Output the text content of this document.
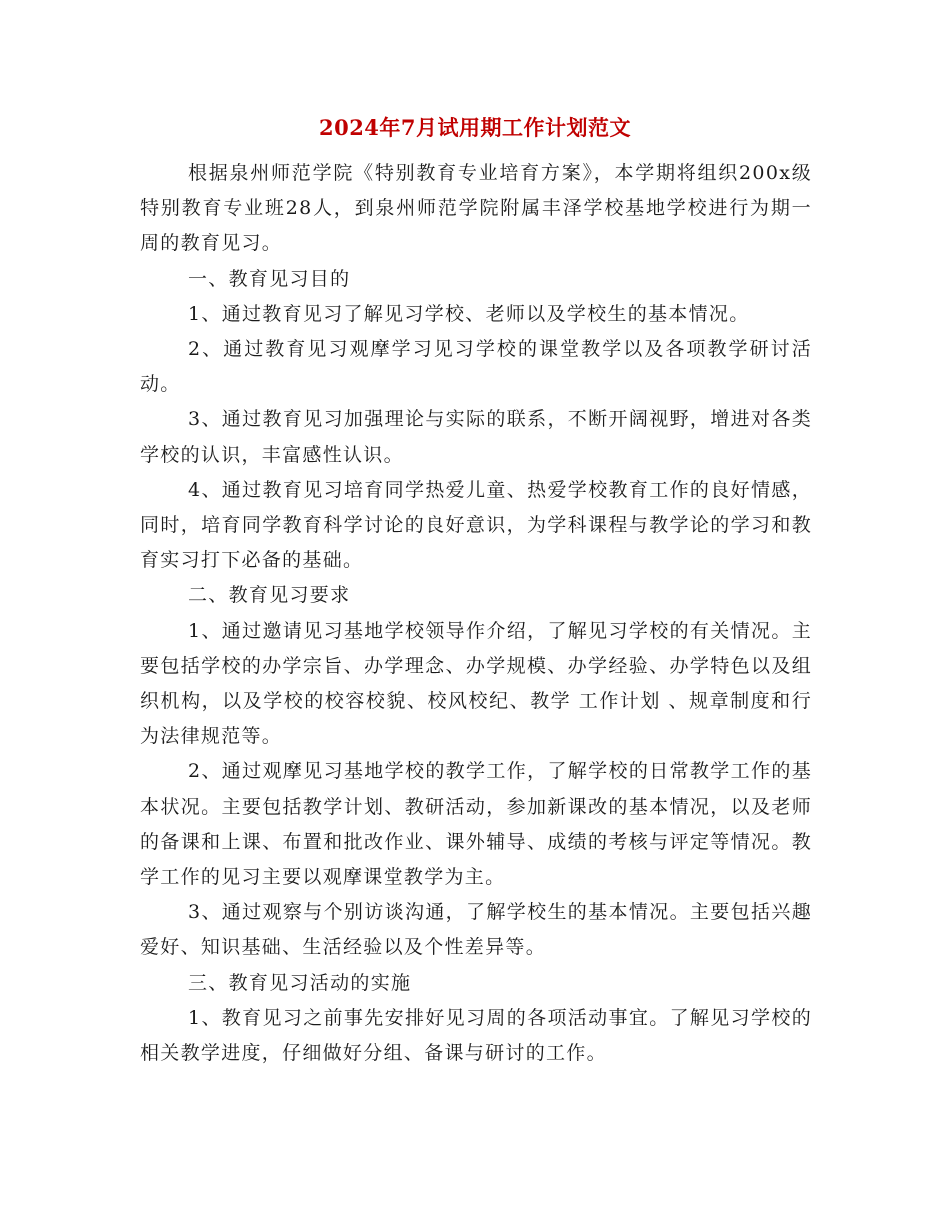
2024年7月试用期工作计划范文

根据泉州师范学院《特别教育专业培育方案》，本学期将组织200x级特别教育专业班28人，到泉州师范学院附属丰泽学校基地学校进行为期一周的教育见习。

一、教育见习目的

1、通过教育见习了解见习学校、老师以及学校生的基本情况。

2、通过教育见习观摩学习见习学校的课堂教学以及各项教学研讨活动。

3、通过教育见习加强理论与实际的联系，不断开阔视野，增进对各类学校的认识，丰富感性认识。

4、通过教育见习培育同学热爱儿童、热爱学校教育工作的良好情感，同时，培育同学教育科学讨论的良好意识，为学科课程与教学论的学习和教育实习打下必备的基础。

二、教育见习要求

1、通过邀请见习基地学校领导作介绍，了解见习学校的有关情况。主要包括学校的办学宗旨、办学理念、办学规模、办学经验、办学特色以及组织机构，以及学校的校容校貌、校风校纪、教学 工作计划 、规章制度和行为法律规范等。

2、通过观摩见习基地学校的教学工作，了解学校的日常教学工作的基本状况。主要包括教学计划、教研活动，参加新课改的基本情况，以及老师的备课和上课、布置和批改作业、课外辅导、成绩的考核与评定等情况。教学工作的见习主要以观摩课堂教学为主。

3、通过观察与个别访谈沟通，了解学校生的基本情况。主要包括兴趣爱好、知识基础、生活经验以及个性差异等。

三、教育见习活动的实施

1、教育见习之前事先安排好见习周的各项活动事宜。了解见习学校的相关教学进度，仔细做好分组、备课与研讨的工作。
